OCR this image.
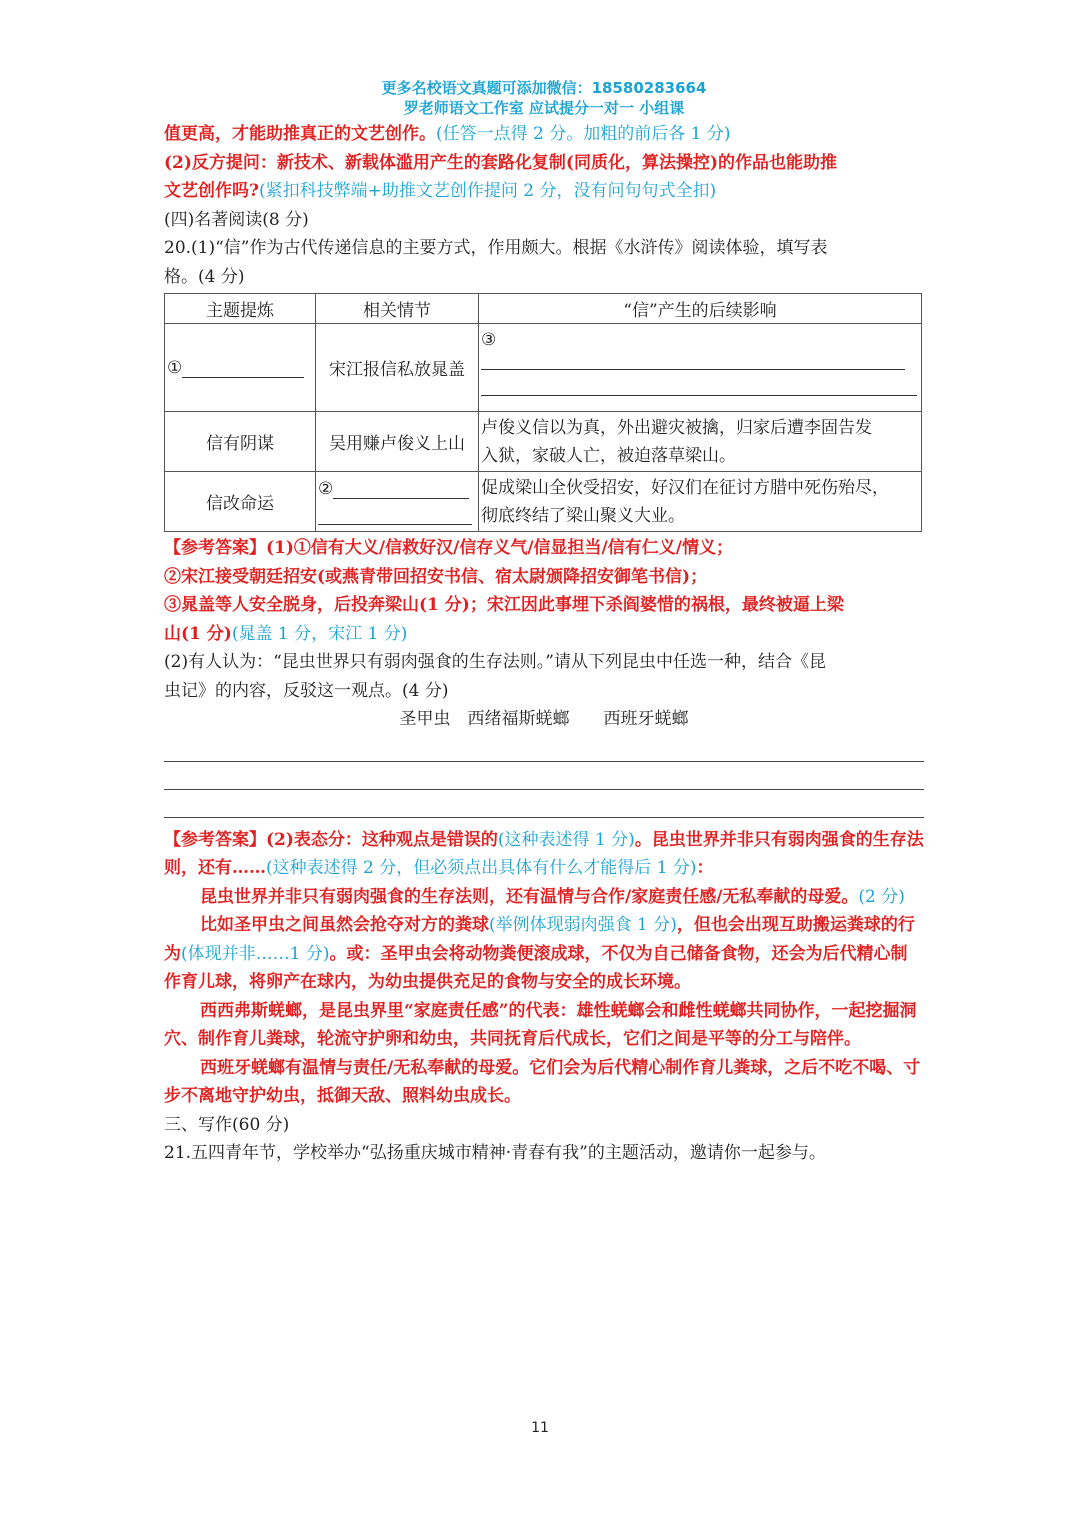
更多名校语文真题可添加微信：18580283664
罗老师语文工作室 应试提分一对一 小组课

值更高，才能助推真正的文艺创作。(任答一点得 2 分。加粗的前后各 1 分)

(2)反方提问：新技术、新载体滥用产生的套路化复制(同质化，算法操控)的作品也能助推

文艺创作吗?(紧扣科技弊端+助推文艺创作提问 2 分，没有问句句式全扣)

(四)名著阅读(8 分)

20.(1)“信”作为古代传递信息的主要方式，作用颇大。根据《水浒传》阅读体验，填写表

格。(4 分)

主题提炼	相关情节	“信”产生的后续影响
①	宋江报信私放晁盖	③

信有阴谋	吴用赚卢俊义上山	卢俊义信以为真，外出避灾被擒，归家后遭李固告发
入狱，家破人亡，被迫落草梁山。

信改命运	②	促成梁山全伙受招安，好汉们在征讨方腊中死伤殆尽，
彻底终结了梁山聚义大业。

【参考答案】(1)①信有大义/信救好汉/信存义气/信显担当/信有仁义/情义；

②宋江接受朝廷招安(或燕青带回招安书信、宿太尉颁降招安御笔书信)；

③晁盖等人安全脱身，后投奔梁山(1 分)；宋江因此事埋下杀阎婆惜的祸根，最终被逼上梁

山(1 分)(晁盖 1 分，宋江 1 分)

(2)有人认为：“昆虫世界只有弱肉强食的生存法则。”请从下列昆虫中任选一种，结合《昆

虫记》的内容，反驳这一观点。(4 分)

圣甲虫　西绪福斯蜣螂　　西班牙蜣螂

【参考答案】(2)表态分：这种观点是错误的(这种表述得 1 分)。昆虫世界并非只有弱肉强食的生存法则，还有……(这种表述得 2 分，但必须点出具体有什么才能得后 1 分)：

昆虫世界并非只有弱肉强食的生存法则，还有温情与合作/家庭责任感/无私奉献的母爱。(2 分)

比如圣甲虫之间虽然会抢夺对方的粪球(举例体现弱肉强食 1 分)，但也会出现互助搬运粪球的行为(体现并非……1 分)。或：圣甲虫会将动物粪便滚成球，不仅为自己储备食物，还会为后代精心制作育儿球，将卵产在球内，为幼虫提供充足的食物与安全的成长环境。

西西弗斯蜣螂，是昆虫界里“家庭责任感”的代表：雄性蜣螂会和雌性蜣螂共同协作，一起挖掘洞穴、制作育儿粪球，轮流守护卵和幼虫，共同抚育后代成长，它们之间是平等的分工与陪伴。

西班牙蜣螂有温情与责任/无私奉献的母爱。它们会为后代精心制作育儿粪球，之后不吃不喝、寸步不离地守护幼虫，抵御天敌、照料幼虫成长。

三、写作(60 分)

21.五四青年节，学校举办“弘扬重庆城市精神·青春有我”的主题活动，邀请你一起参与。

11
